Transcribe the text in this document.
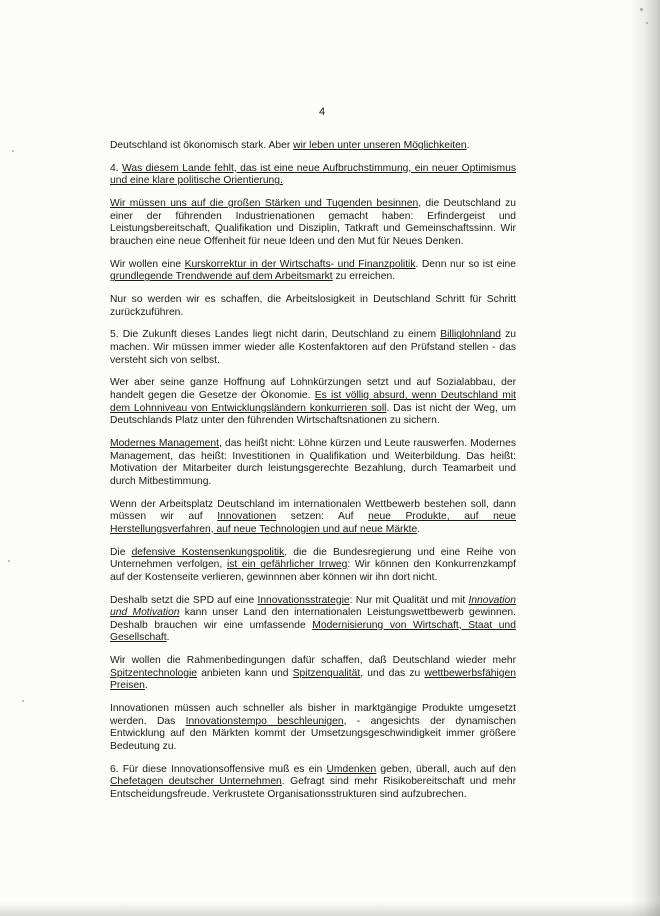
4

Deutschland ist ökonomisch stark. Aber wir leben unter unseren Möglichkeiten.

4. Was diesem Lande fehlt, das ist eine neue Aufbruchstimmung, ein neuer Optimismus und eine klare politische Orientierung.

Wir müssen uns auf die großen Stärken und Tugenden besinnen, die Deutschland zu einer der führenden Industrienationen gemacht haben: Erfindergeist und Leistungsbereitschaft, Qualifikation und Disziplin, Tatkraft und Gemeinschaftssinn. Wir brauchen eine neue Offenheit für neue Ideen und den Mut für Neues Denken.

Wir wollen eine Kurskorrektur in der Wirtschafts- und Finanzpolitik. Denn nur so ist eine grundlegende Trendwende auf dem Arbeitsmarkt zu erreichen.

Nur so werden wir es schaffen, die Arbeitslosigkeit in Deutschland Schritt für Schritt zurückzuführen.

5. Die Zukunft dieses Landes liegt nicht darin, Deutschland zu einem Billiglohnland zu machen. Wir müssen immer wieder alle Kostenfaktoren auf den Prüfstand stellen - das versteht sich von selbst.

Wer aber seine ganze Hoffnung auf Lohnkürzungen setzt und auf Sozialabbau, der handelt gegen die Gesetze der Ökonomie. Es ist völlig absurd, wenn Deutschland mit dem Lohnniveau von Entwicklungsländern konkurrieren soll. Das ist nicht der Weg, um Deutschlands Platz unter den führenden Wirtschaftsnationen zu sichern.

Modernes Management, das heißt nicht: Löhne kürzen und Leute rauswerfen. Modernes Management, das heißt: Investitionen in Qualifikation und Weiterbildung. Das heißt: Motivation der Mitarbeiter durch leistungsgerechte Bezahlung, durch Teamarbeit und durch Mitbestimmung.

Wenn der Arbeitsplatz Deutschland im internationalen Wettbewerb bestehen soll, dann müssen wir auf Innovationen setzen: Auf neue Produkte, auf neue Herstellungsverfahren, auf neue Technologien und auf neue Märkte.

Die defensive Kostensenkungspolitik, die die Bundesregierung und eine Reihe von Unternehmen verfolgen, ist ein gefährlicher Irrweg: Wir können den Konkurrenzkampf auf der Kostenseite verlieren, gewinnnen aber können wir ihn dort nicht.

Deshalb setzt die SPD auf eine Innovationsstrategie: Nur mit Qualität und mit Innovation und Motivation kann unser Land den internationalen Leistungswettbewerb gewinnen. Deshalb brauchen wir eine umfassende Modernisierung von Wirtschaft, Staat und Gesellschaft.

Wir wollen die Rahmenbedingungen dafür schaffen, daß Deutschland wieder mehr Spitzentechnologie anbieten kann und Spitzenqualität, und das zu wettbewerbsfähigen Preisen.

Innovationen müssen auch schneller als bisher in marktgängige Produkte umgesetzt werden. Das Innovationstempo beschleunigen, - angesichts der dynamischen Entwicklung auf den Märkten kommt der Umsetzungsgeschwindigkeit immer größere Bedeutung zu.

6. Für diese Innovationsoffensive muß es ein Umdenken geben, überall, auch auf den Chefetagen deutscher Unternehmen. Gefragt sind mehr Risikobereitschaft und mehr Entscheidungsfreude. Verkrustete Organisationsstrukturen sind aufzubrechen.
